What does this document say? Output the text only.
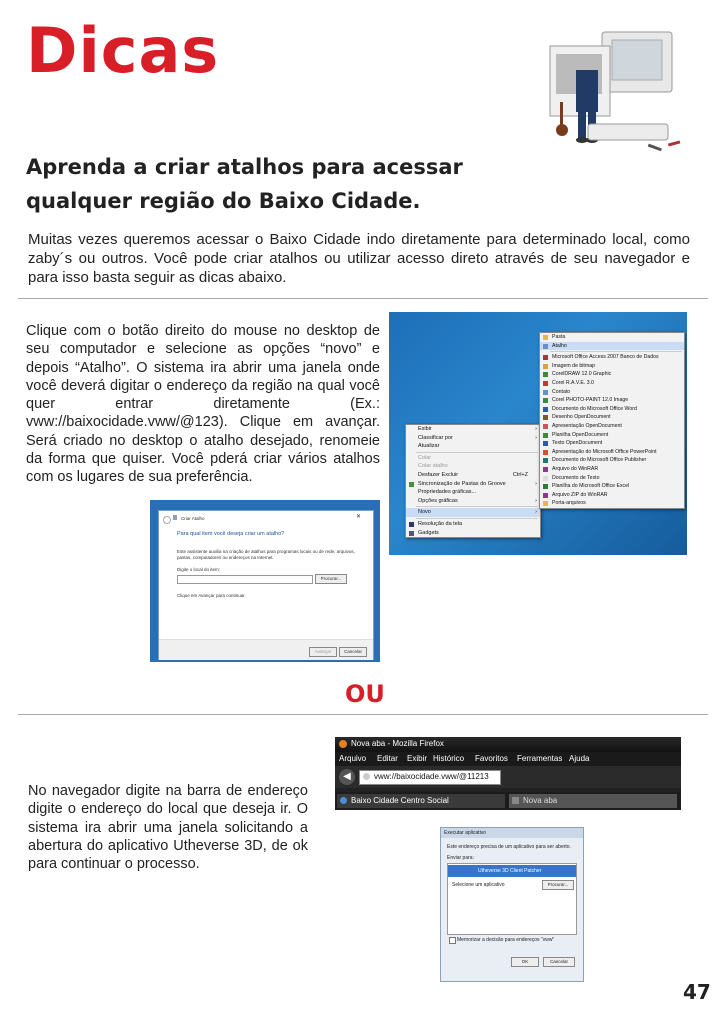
Dicas
Aprenda a criar atalhos para acessar qualquer região do Baixo Cidade.
Muitas vezes queremos acessar o Baixo Cidade indo diretamente para determinado local, como zaby´s ou outros. Você pode criar atalhos ou utilizar acesso direto através de seu navegador e para isso basta seguir as dicas abaixo.
Clique com o botão direito do mouse no desktop de seu computador e selecione as opções “novo” e depois “Atalho”. O sistema ira abrir uma janela onde você deverá digitar o endereço da região na qual você quer entrar diretamente (Ex.: vww://baixocidade.vww/@123). Clique em avançar. Será criado no desktop o atalho desejado, renomeie da forma que quiser. Você pderá criar vários atalhos com os lugares de sua preferência.
Exibir	›
Classificar por	›
Atualizar
Colar
Colar atalho
Desfazer Excluir	Ctrl+Z
Sincronização de Pastas do Groove	›
Propriedades gráficas...
Opções gráficas	›
Novo	›
Resolução da tela
Gadgets
Pasta
Atalho
Microsoft Office Access 2007 Banco de Dados
Imagem de bitmap
CorelDRAW 12.0 Graphic
Corel R.A.V.E. 3.0
Contato
Corel PHOTO-PAINT 12.0 Image
Documento do Microsoft Office Word
Desenho OpenDocument
Apresentação OpenDocument
Planilha OpenDocument
Texto OpenDocument
Apresentação do Microsoft Office PowerPoint
Documento do Microsoft Office Publisher
Arquivo do WinRAR
Documento de Texto
Planilha do Microsoft Office Excel
Arquivo ZIP do WinRAR
Porta-arquivos
Criar Atalho	✕
Para qual item você deseja criar um atalho?
Este assistente auxilia na criação de atalhos para programas locais ou de rede, arquivos, pastas, computadores ou endereços na Internet.
Digite o local do item:
Procurar...
Clique em Avançar para continuar.
Avançar	Cancelar
OU
No navegador digite na barra de endereço digite o endereço do local que deseja ir. O sistema ira abrir uma janela solicitando a abertura do aplicativo Utheverse 3D, de ok para continuar o processo.
Nova aba - Mozilla Firefox
Arquivo Editar Exibir Histórico Favoritos Ferramentas Ajuda
◀	vww://baixocidade.vww/@11213
Baixo Cidade Centro Social	Nova aba
Executar aplicativo
Este endereço precisa de um aplicativo para ser aberto.
Enviar para:
Utheverse 3D Client Patcher
Selecione um aplicativo	Procurar...
Memorizar a decisão para endereços "vww"
OK	Cancelar
47
